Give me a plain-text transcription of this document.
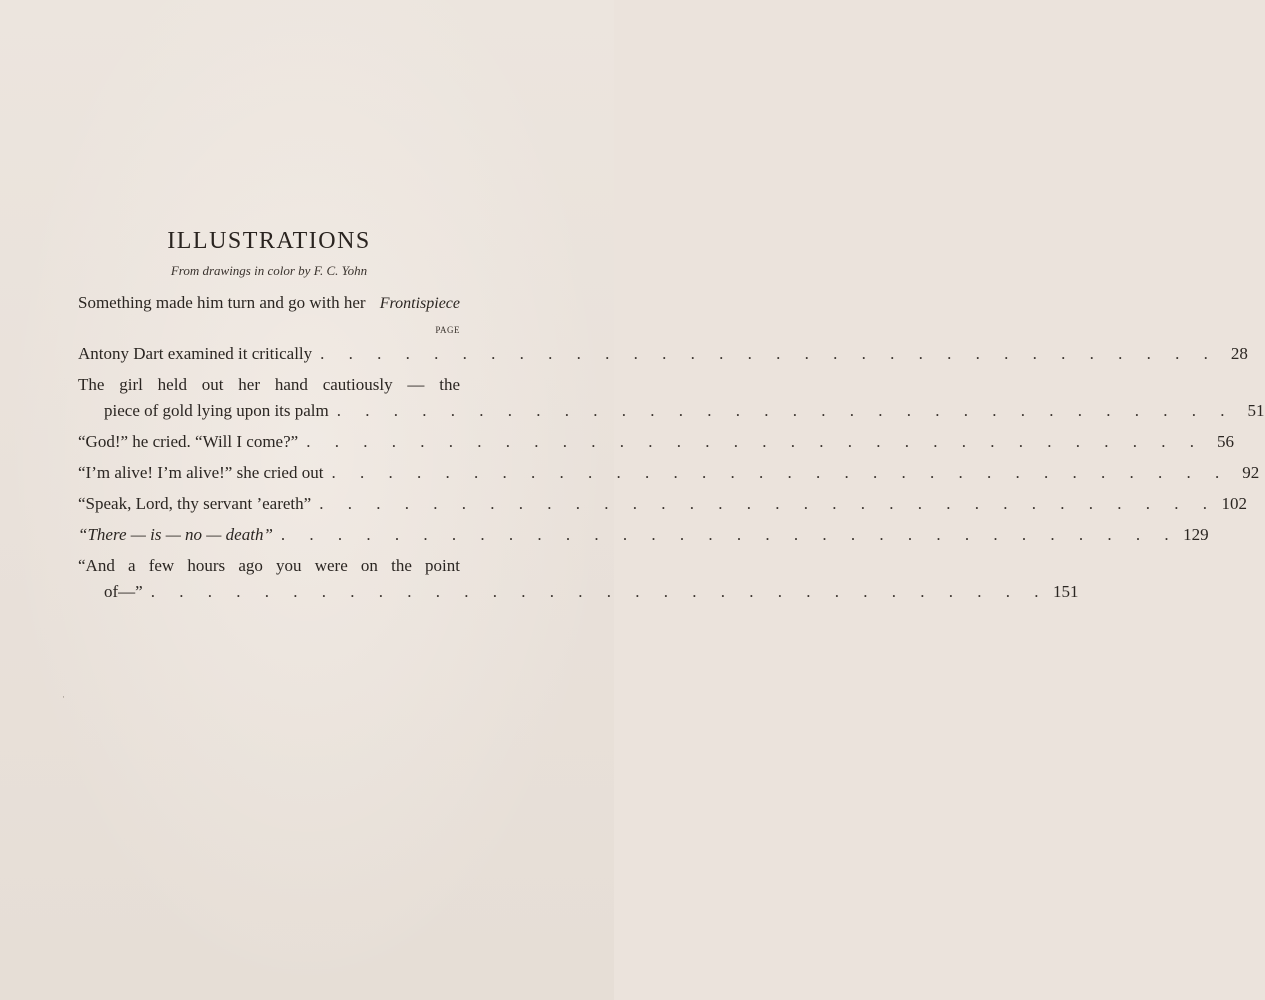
ILLUSTRATIONS
From drawings in color by F. C. Yohn
Something made him turn and go with her Frontispiece
PAGE
Antony Dart examined it critically . . . . . . . . . . . . . . . . . . . . . . . . . . . . . . . . 28
The girl held out her hand cautiously — the
piece of gold lying upon its palm . . . . . . . . . . . . . . . . . . . . . . . . . . . . . . . . 51
“God!” he cried. “Will I come?” . . . . . . . . . . . . . . . . . . . . . . . . . . . . . . . . 56
“I’m alive! I’m alive!” she cried out . . . . . . . . . . . . . . . . . . . . . . . . . . . . . . . . 92
“Speak, Lord, thy servant ’eareth” . . . . . . . . . . . . . . . . . . . . . . . . . . . . . . . . 102
“There — is — no — death” . . . . . . . . . . . . . . . . . . . . . . . . . . . . . . . . 129
“And a few hours ago you were on the point
of—” . . . . . . . . . . . . . . . . . . . . . . . . . . . . . . . . 151
·
